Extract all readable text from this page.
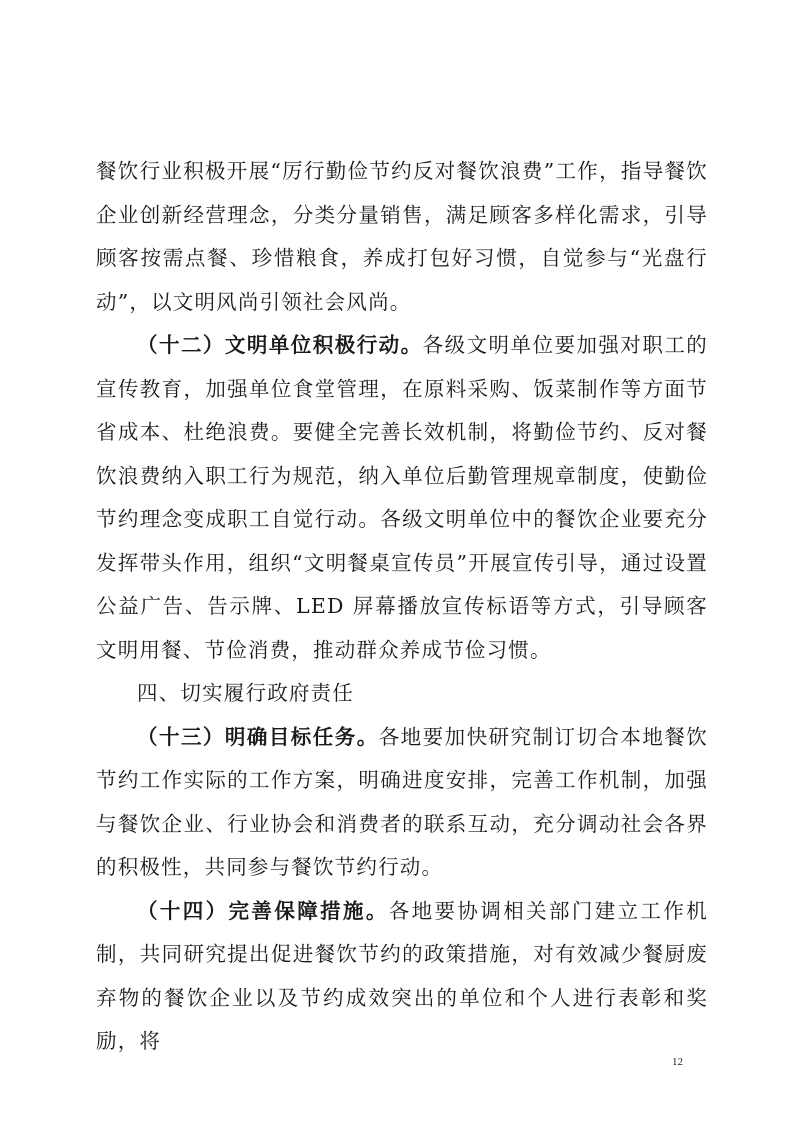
餐饮行业积极开展“厉行勤俭节约反对餐饮浪费”工作，指导餐饮企业创新经营理念，分类分量销售，满足顾客多样化需求，引导顾客按需点餐、珍惜粮食，养成打包好习惯，自觉参与“光盘行动”，以文明风尚引领社会风尚。

（十二）文明单位积极行动。各级文明单位要加强对职工的宣传教育，加强单位食堂管理，在原料采购、饭菜制作等方面节省成本、杜绝浪费。要健全完善长效机制，将勤俭节约、反对餐饮浪费纳入职工行为规范，纳入单位后勤管理规章制度，使勤俭节约理念变成职工自觉行动。各级文明单位中的餐饮企业要充分发挥带头作用，组织“文明餐桌宣传员”开展宣传引导，通过设置公益广告、告示牌、LED 屏幕播放宣传标语等方式，引导顾客文明用餐、节俭消费，推动群众养成节俭习惯。

四、切实履行政府责任

（十三）明确目标任务。各地要加快研究制订切合本地餐饮节约工作实际的工作方案，明确进度安排，完善工作机制，加强与餐饮企业、行业协会和消费者的联系互动，充分调动社会各界的积极性，共同参与餐饮节约行动。

（十四）完善保障措施。各地要协调相关部门建立工作机制，共同研究提出促进餐饮节约的政策措施，对有效减少餐厨废弃物的餐饮企业以及节约成效突出的单位和个人进行表彰和奖励，将

12
